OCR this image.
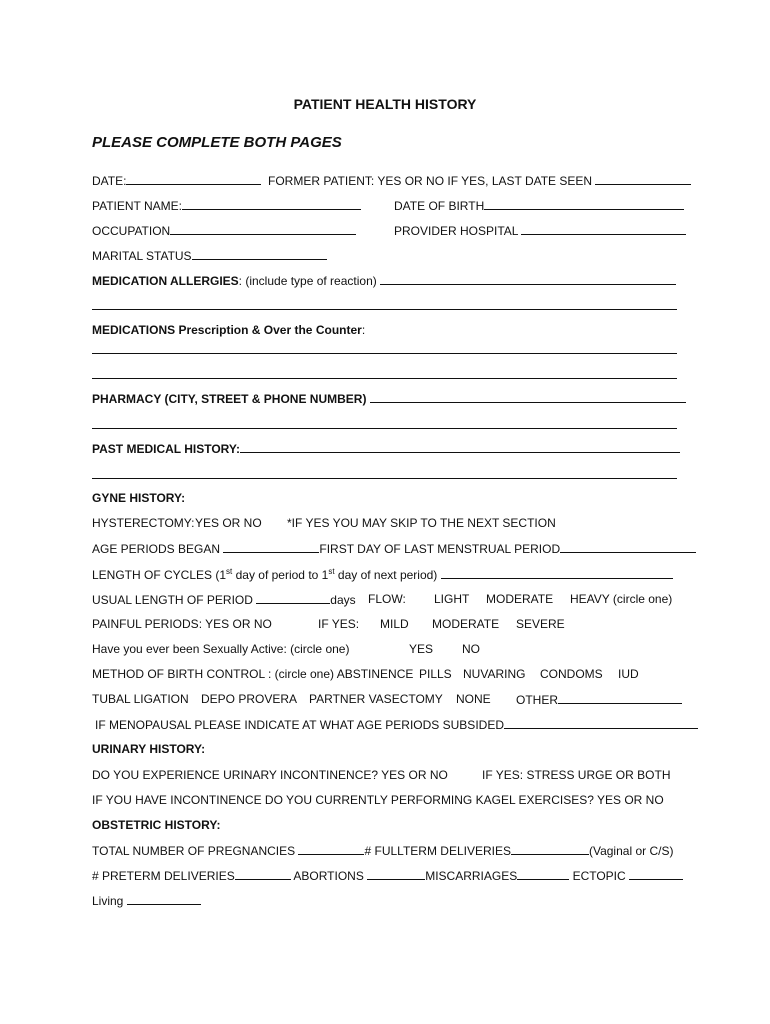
PATIENT HEALTH HISTORY
PLEASE COMPLETE BOTH PAGES
DATE:	FORMER PATIENT: YES OR NO IF YES, LAST DATE SEEN
PATIENT NAME:	DATE OF BIRTH
OCCUPATION	PROVIDER HOSPITAL
MARITAL STATUS
MEDICATION ALLERGIES: (include type of reaction)
MEDICATIONS Prescription & Over the Counter:
PHARMACY (CITY, STREET & PHONE NUMBER)
PAST MEDICAL HISTORY:
GYNE HISTORY:
HYSTERECTOMY: YES OR NO *IF YES YOU MAY SKIP TO THE NEXT SECTION
AGE PERIODS BEGAN	FIRST DAY OF LAST MENSTRUAL PERIOD
LENGTH OF CYCLES (1st day of period to 1st day of next period)
USUAL LENGTH OF PERIOD	days FLOW: LIGHT MODERATE HEAVY (circle one)
PAINFUL PERIODS: YES OR NO	IF YES: MILD MODERATE SEVERE
Have you ever been Sexually Active: (circle one)	YES NO
METHOD OF BIRTH CONTROL : (circle one) ABSTINENCE PILLS NUVARING CONDOMS IUD
TUBAL LIGATION DEPO PROVERA PARTNER VASECTOMY NONE OTHER
IF MENOPAUSAL PLEASE INDICATE AT WHAT AGE PERIODS SUBSIDED
URINARY HISTORY:
DO YOU EXPERIENCE URINARY INCONTINENCE? YES OR NO	IF YES: STRESS URGE OR BOTH
IF YOU HAVE INCONTINENCE DO YOU CURRENTLY PERFORMING KAGEL EXERCISES? YES OR NO
OBSTETRIC HISTORY:
TOTAL NUMBER OF PREGNANCIES	# FULLTERM DELIVERIES	(Vaginal or C/S)
# PRETERM DELIVERIES	ABORTIONS	MISCARRIAGES	ECTOPIC
Living
